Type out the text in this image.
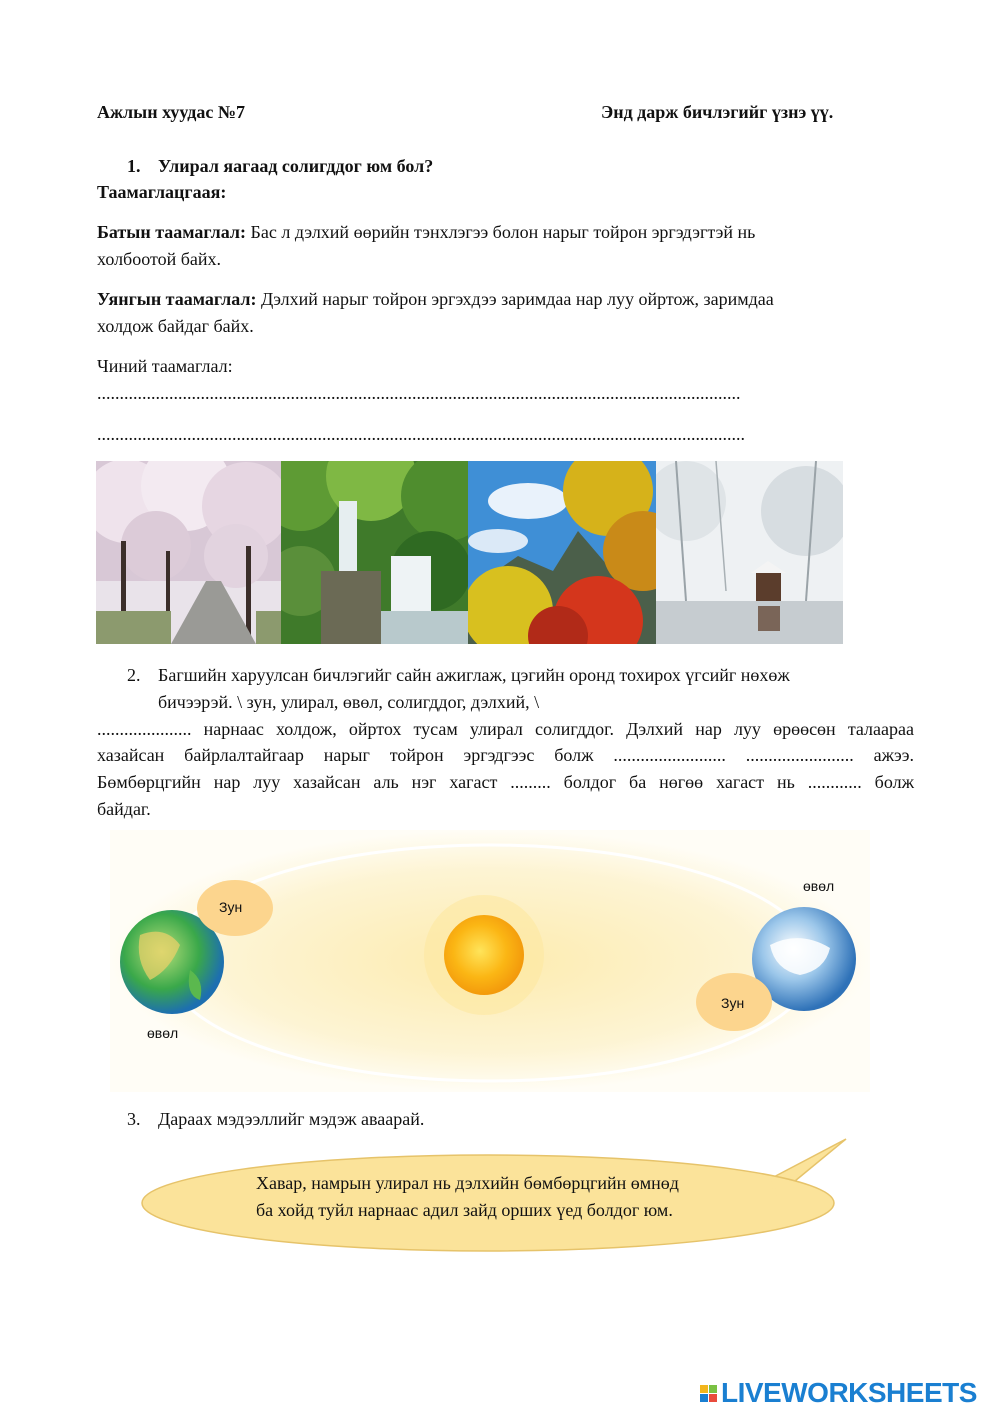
Ажлын хуудас №7	Энд дарж бичлэгийг үзнэ үү.
1. Улирал яагаад солигддог юм бол?
Таамаглацгаая:
Батын таамаглал: Бас л дэлхий өөрийн тэнхлэгээ болон нарыг тойрон эргэдэгтэй нь
холбоотой байх.
Уянгын таамаглал: Дэлхий нарыг тойрон эргэхдээ заримдаа нар луу ойртож, заримдаа
холдож байдаг байх.
Чиний таамаглал:
...............................................................................................................................................
................................................................................................................................................
2. Багшийн харуулсан бичлэгийг сайн ажиглаж, цэгийн оронд тохирох үгсийг нөхөж
бичээрэй. \ зун, улирал, өвөл, солигддог, дэлхий, \
..................... нарнаас холдож, ойртох тусам улирал солигддог. Дэлхий нар луу өрөөсөн талаараа
хазайсан байрлалтайгаар нарыг тойрон эргэдгээс болж ......................... ........................ ажээ.
Бөмбөрцгийн нар луу хазайсан аль нэг хагаст ......... болдог ба нөгөө хагаст нь ............ болж
байдаг.
Зун
өвөл
өвөл
Зун
3. Дараах мэдээллийг мэдэж аваарай.
Хавар, намрын улирал нь дэлхийн бөмбөрцгийн өмнөд
ба хойд туйл нарнаас адил зайд орших үед болдог юм.
LIVEWORKSHEETS
